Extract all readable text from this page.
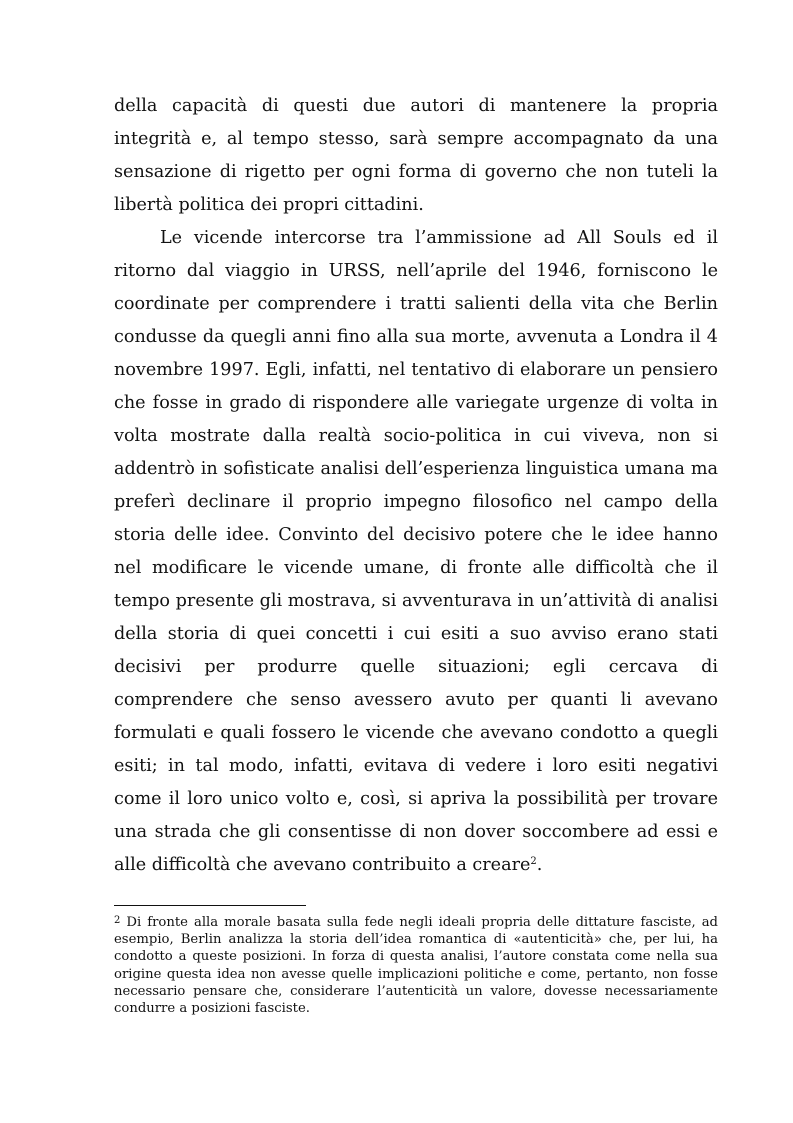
della capacità di questi due autori di mantenere la propria integrità e, al tempo stesso, sarà sempre accompagnato da una sensazione di rigetto per ogni forma di governo che non tuteli la libertà politica dei propri cittadini.

Le vicende intercorse tra l’ammissione ad All Souls ed il ritorno dal viaggio in URSS, nell’aprile del 1946, forniscono le coordinate per comprendere i tratti salienti della vita che Berlin condusse da quegli anni fino alla sua morte, avvenuta a Londra il 4 novembre 1997. Egli, infatti, nel tentativo di elaborare un pensiero che fosse in grado di rispondere alle variegate urgenze di volta in volta mostrate dalla realtà socio-politica in cui viveva, non si addentrò in sofisticate analisi dell’esperienza linguistica umana ma preferì declinare il proprio impegno filosofico nel campo della storia delle idee. Convinto del decisivo potere che le idee hanno nel modificare le vicende umane, di fronte alle difficoltà che il tempo presente gli mostrava, si avventurava in un’attività di analisi della storia di quei concetti i cui esiti a suo avviso erano stati decisivi per produrre quelle situazioni; egli cercava di comprendere che senso avessero avuto per quanti li avevano formulati e quali fossero le vicende che avevano condotto a quegli esiti; in tal modo, infatti, evitava di vedere i loro esiti negativi come il loro unico volto e, così, si apriva la possibilità per trovare una strada che gli consentisse di non dover soccombere ad essi e alle difficoltà che avevano contribuito a creare$^2$.

$^2$ Di fronte alla morale basata sulla fede negli ideali propria delle dittature fasciste, ad esempio, Berlin analizza la storia dell’idea romantica di «autenticità» che, per lui, ha condotto a queste posizioni. In forza di questa analisi, l’autore constata come nella sua origine questa idea non avesse quelle implicazioni politiche e come, pertanto, non fosse necessario pensare che, considerare l’autenticità un valore, dovesse necessariamente condurre a posizioni fasciste.
